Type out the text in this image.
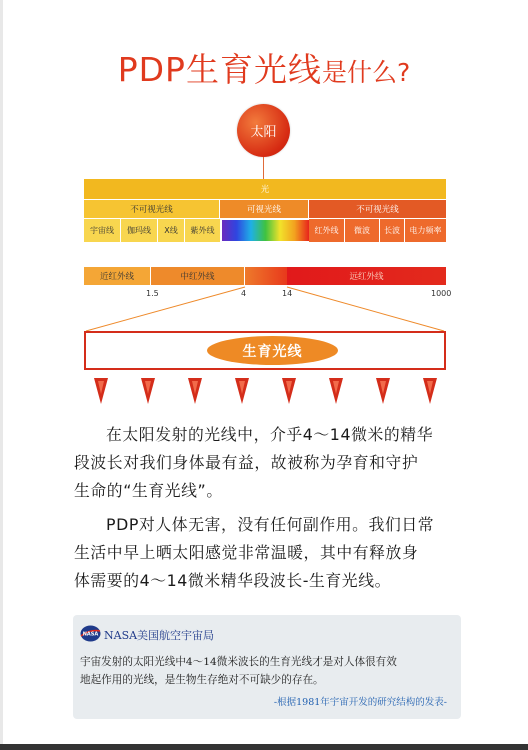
PDP生育光线是什么?
太阳
光
不可视光线	可视光线	不可视光线
宇宙线 伽玛线 X线 紫外线	红外线 微波 长波 电力频率
近红外线	中红外线	远红外线
1.5	4	14	1000
生育光线
在太阳发射的光线中，介乎4～14微米的精华
段波长对我们身体最有益，故被称为孕育和守护
生命的“生育光线”。
PDP对人体无害，没有任何副作用。我们日常
生活中早上晒太阳感觉非常温暖，其中有释放身
体需要的4～14微米精华段波长-生育光线。
NASA NASA美国航空宇宙局
宇宙发射的太阳光线中4～14微米波长的生育光线才是对人体很有效
地起作用的光线，是生物生存绝对不可缺少的存在。
-根据1981年宇宙开发的研究结构的发表-
